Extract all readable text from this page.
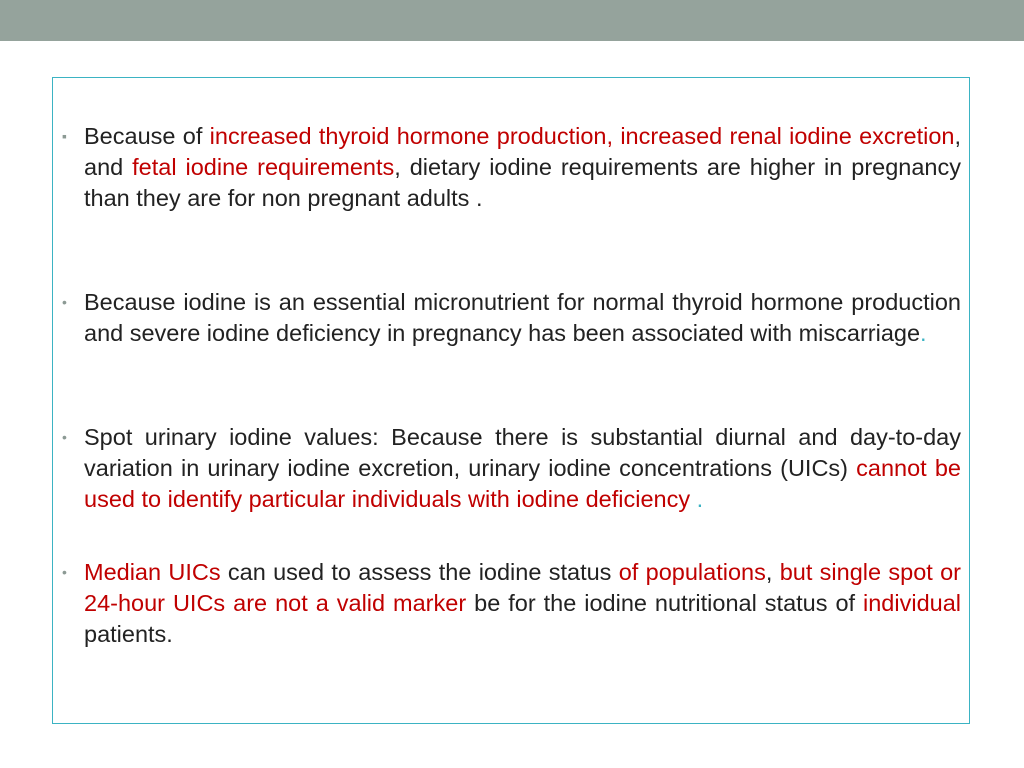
▪ Because of increased thyroid hormone production, increased renal iodine excretion, and fetal iodine requirements, dietary iodine requirements are higher in pregnancy than they are for non pregnant adults .
• Because iodine is an essential micronutrient for normal thyroid hormone production and severe iodine deficiency in pregnancy has been associated with miscarriage.
• Spot urinary iodine values: Because there is substantial diurnal and day-to-day variation in urinary iodine excretion, urinary iodine concentrations (UICs) cannot be used to identify particular individuals with iodine deficiency .
• Median UICs can used to assess the iodine status of populations, but single spot or 24-hour UICs are not a valid marker be for the iodine nutritional status of individual patients.
